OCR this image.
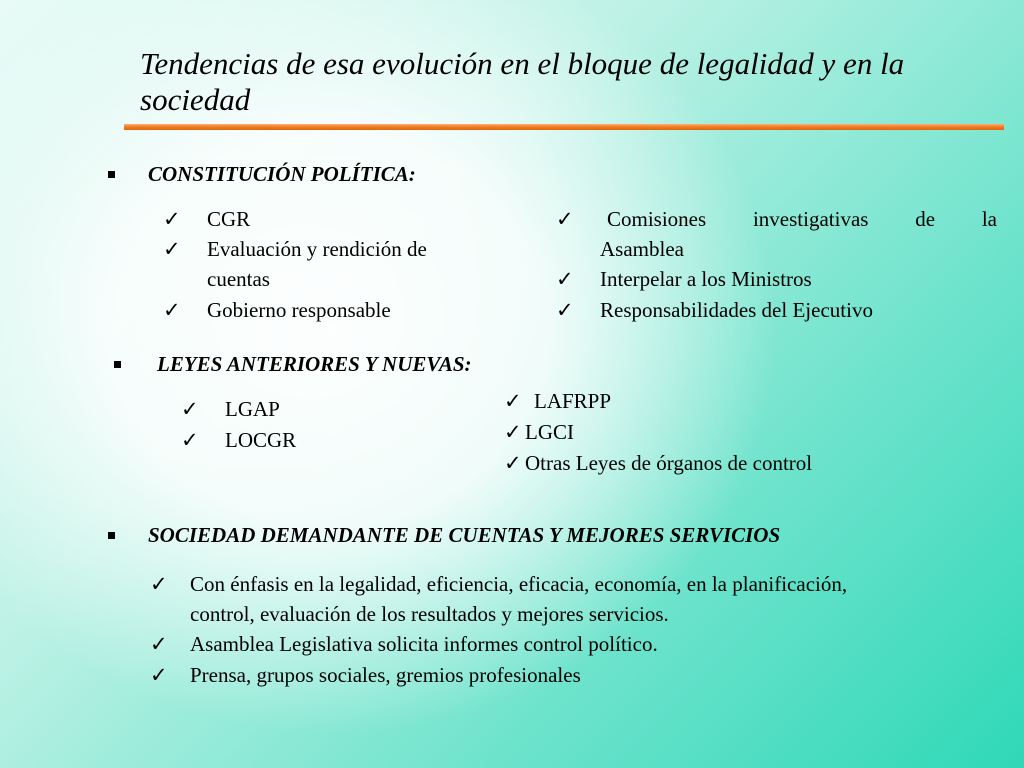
Tendencias de esa evolución en el bloque de legalidad y en la sociedad
CONSTITUCIÓN POLÍTICA:
✓ CGR
✓ Evaluación y rendición de
cuentas
✓ Gobierno responsable
✓ Comisiones investigativas de la
Asamblea
✓ Interpelar a los Ministros
✓ Responsabilidades del Ejecutivo
LEYES ANTERIORES Y NUEVAS:
✓ LGAP
✓ LOCGR
✓ LAFRPP
✓ LGCI
✓ Otras Leyes de órganos de control
SOCIEDAD DEMANDANTE DE CUENTAS Y MEJORES SERVICIOS
✓ Con énfasis en la legalidad, eficiencia, eficacia, economía, en la planificación,
control, evaluación de los resultados y mejores servicios.
✓ Asamblea Legislativa solicita informes control político.
✓ Prensa, grupos sociales, gremios profesionales
